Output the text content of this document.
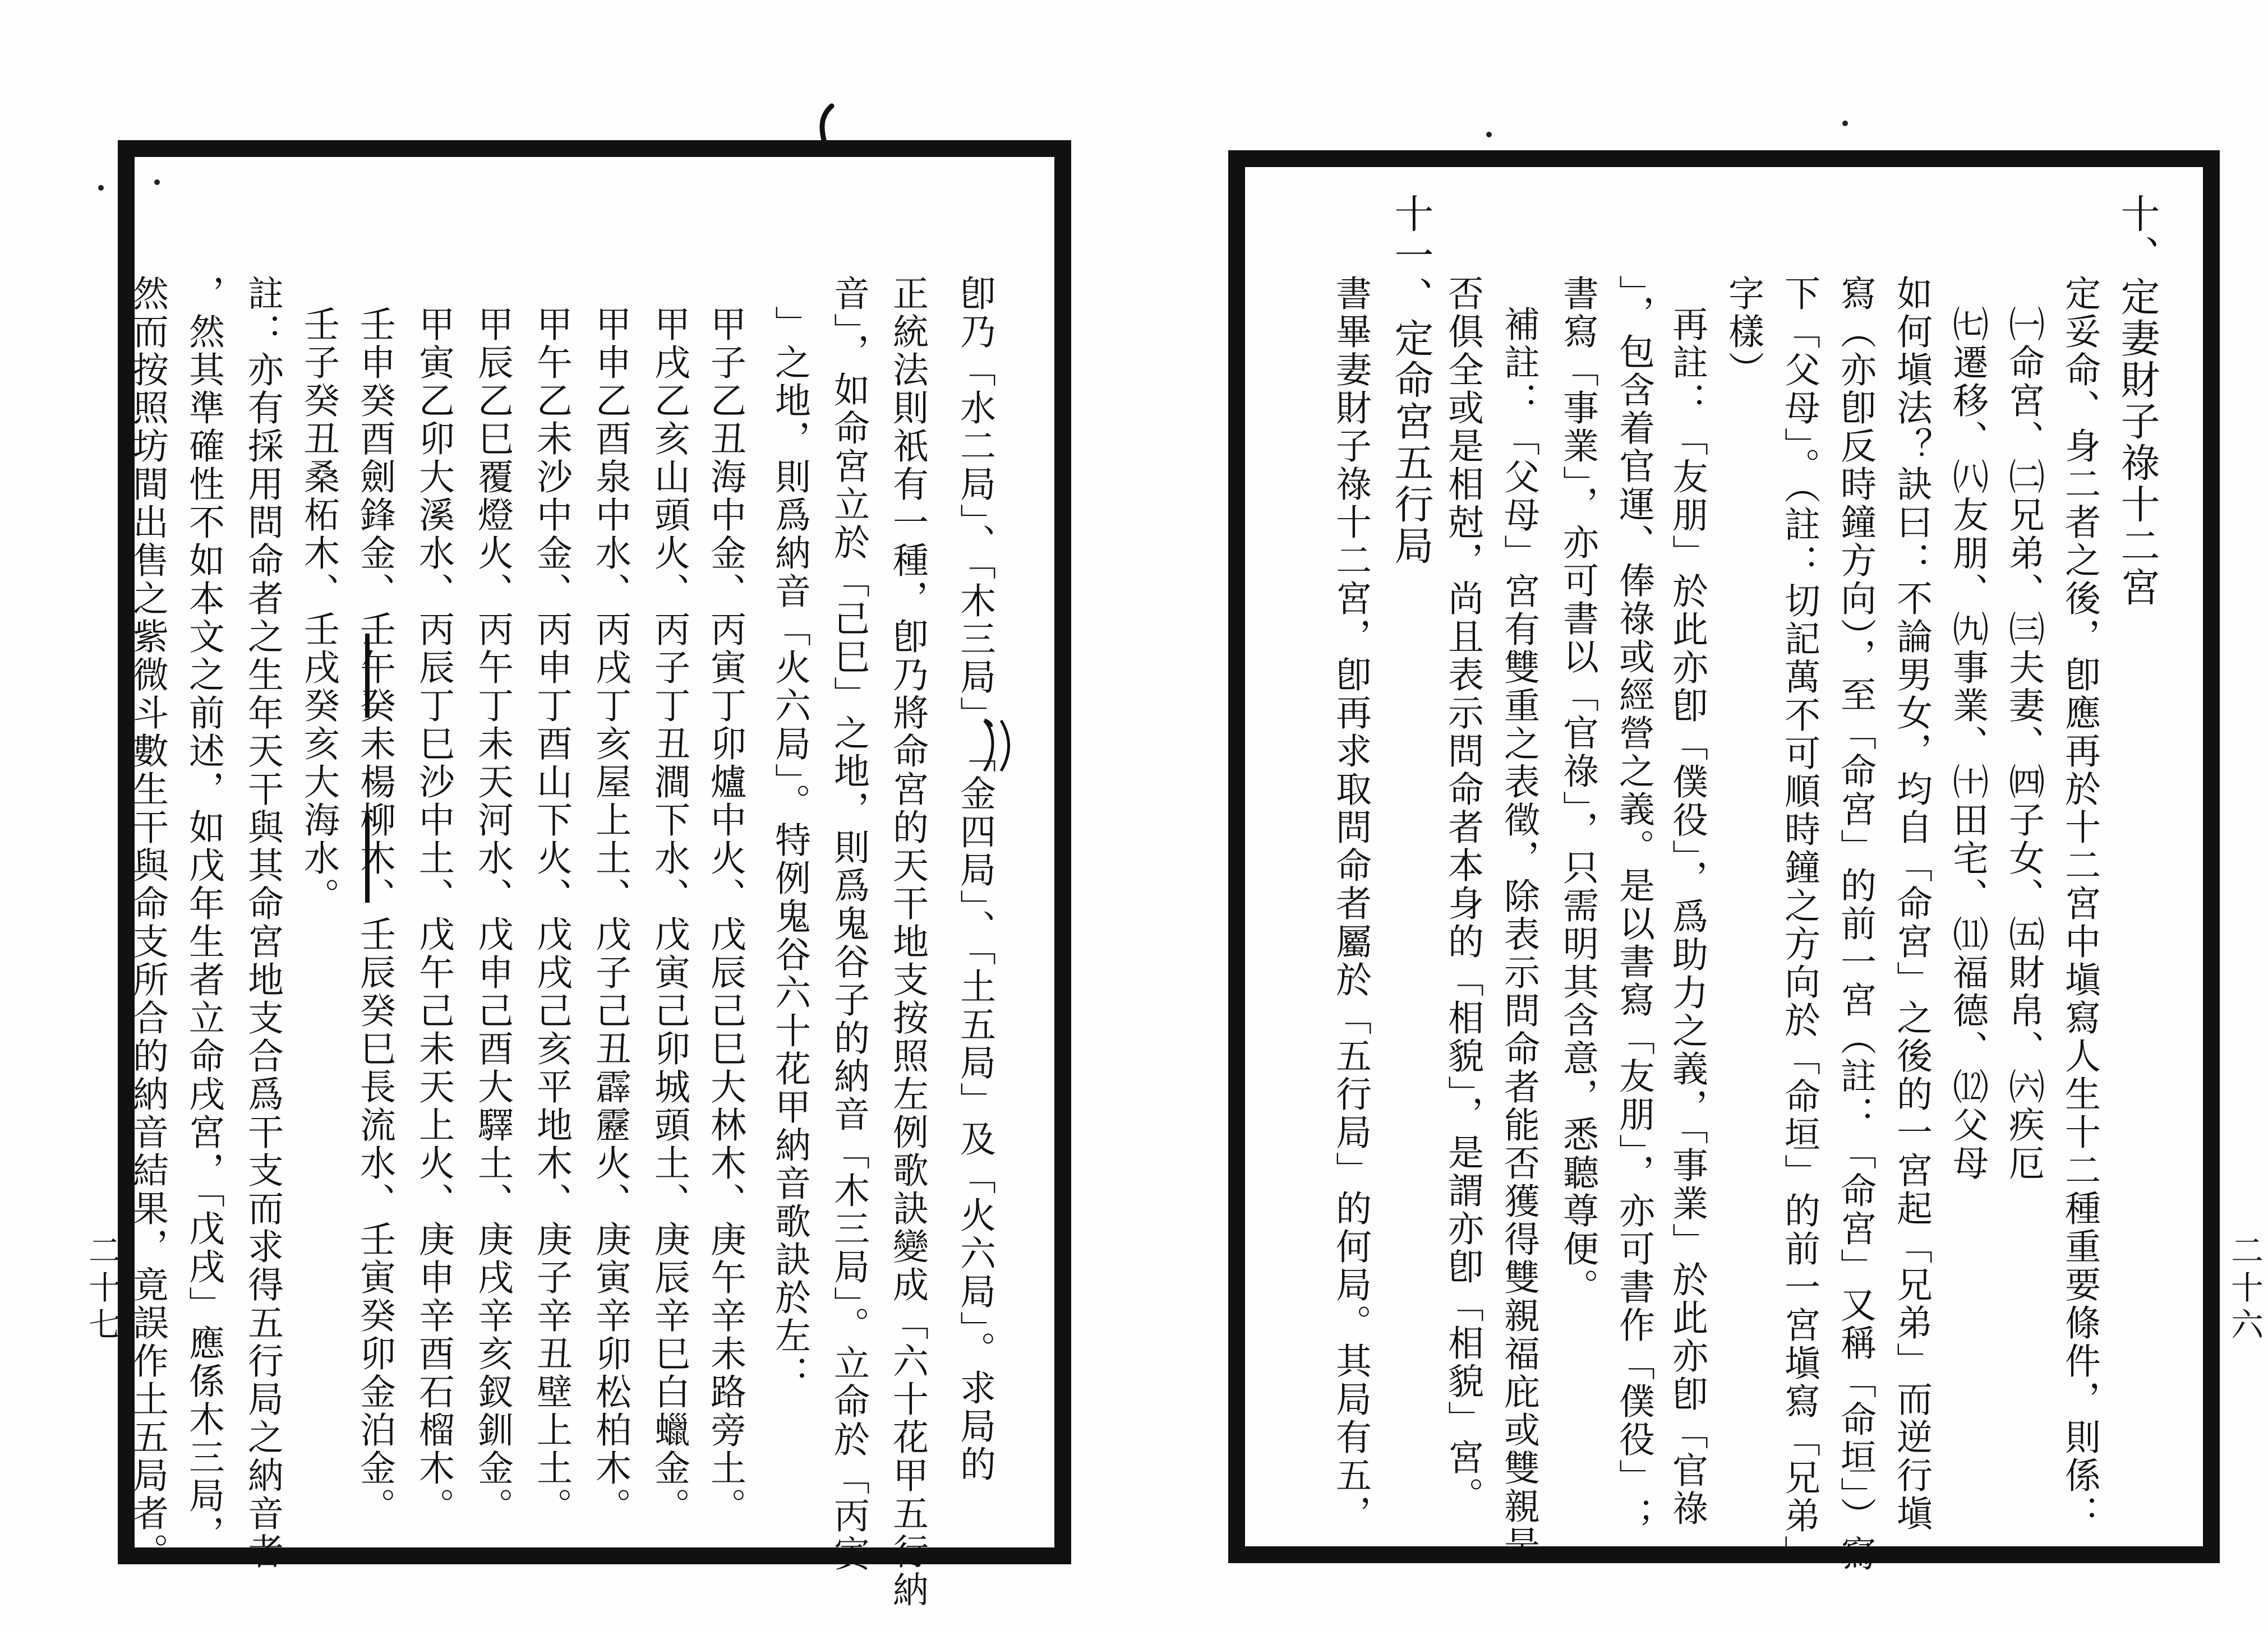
卽乃「水二局」、「木三局」、「金四局」、「土五局」及「火六局」。求局的
正統法則祇有一種，卽乃將命宮的天干地支按照左例歌訣變成「六十花甲五行納
音」，如命宮立於「己巳」之地，則爲鬼谷子的納音「木三局」。立命於「丙寅
」之地，則爲納音「火六局」。特例鬼谷六十花甲納音歌訣於左：
甲子乙丑海中金、丙寅丁卯爐中火、戊辰己巳大林木、庚午辛未路旁土。
甲戌乙亥山頭火、丙子丁丑澗下水、戊寅己卯城頭土、庚辰辛巳白蠟金。
甲申乙酉泉中水、丙戌丁亥屋上土、戊子己丑霹靂火、庚寅辛卯松柏木。
甲午乙未沙中金、丙申丁酉山下火、戊戌己亥平地木、庚子辛丑壁上土。
甲辰乙巳覆燈火、丙午丁未天河水、戊申己酉大驛土、庚戌辛亥釵釧金。
甲寅乙卯大溪水、丙辰丁巳沙中土、戊午己未天上火、庚申辛酉石榴木。
壬申癸酉劍鋒金、壬午癸未楊柳木、壬辰癸巳長流水、壬寅癸卯金泊金。
壬子癸丑桑柘木、壬戌癸亥大海水。
註：亦有採用問命者之生年天干與其命宮地支合爲干支而求得五行局之納音者
，然其準確性不如本文之前述，如戊年生者立命戌宮，「戊戌」應係木三局，
然而按照坊間出售之紫微斗數生干與命支所合的納音結果，竟誤作土五局者。
二十七
十、定妻財子祿十二宮
定妥命、身二者之後，卽應再於十二宮中塡寫人生十二種重要條件，則係：
㈠命宮、㈡兄弟、㈢夫妻、㈣子女、㈤財帛、㈥疾厄
㈦遷移、㈧友朋、㈨事業、㈩田宅、⑾福德、⑿父母
如何塡法？訣曰：不論男女，均自「命宮」之後的一宮起「兄弟」而逆行塡
寫（亦卽反時鐘方向），至「命宮」的前一宮（註：「命宮」又稱「命垣」）寫
下「父母」。（註：切記萬不可順時鐘之方向於「命垣」的前一宮塡寫「兄弟」
字樣）
再註：「友朋」於此亦卽「僕役」，爲助力之義，「事業」於此亦卽「官祿
」，包含着官運、俸祿或經營之義。是以書寫「友朋」，亦可書作「僕役」；
書寫「事業」，亦可書以「官祿」，只需明其含意，悉聽尊便。
補註：「父母」宮有雙重之表徵，除表示問命者能否獲得雙親福庇或雙親是
否俱全或是相尅，尚且表示問命者本身的「相貌」，是謂亦卽「相貌」宮。
十一、定命宮五行局
書畢妻財子祿十二宮，卽再求取問命者屬於「五行局」的何局。其局有五，	二十六
